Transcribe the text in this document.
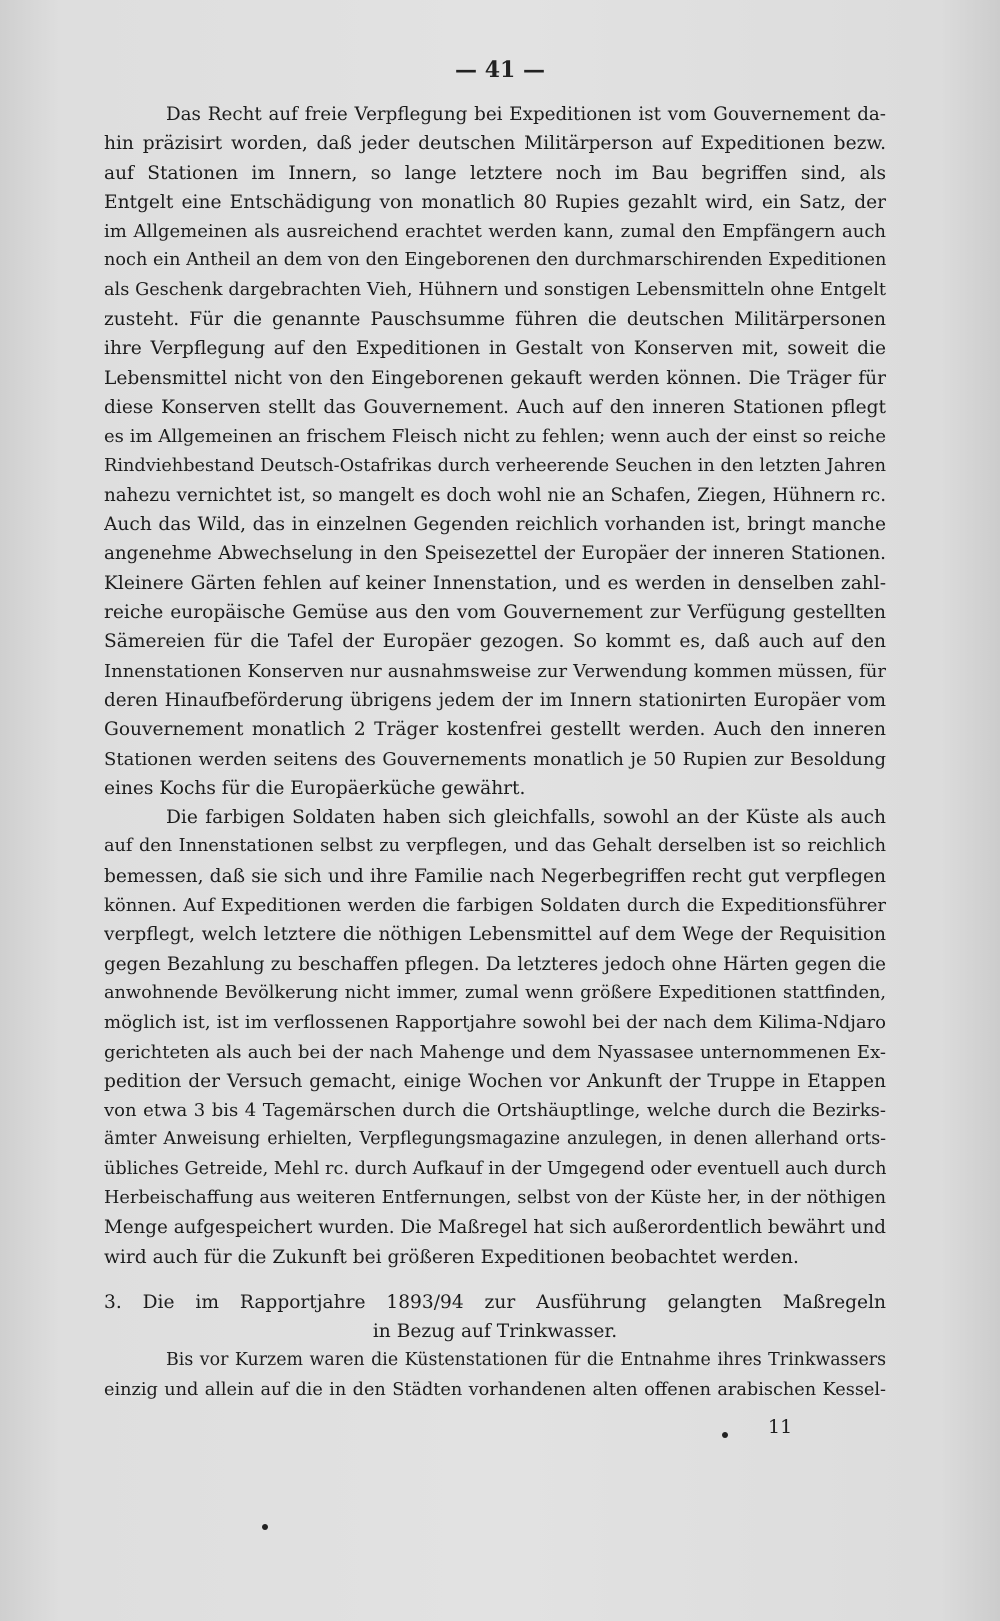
— 41 —
Das Recht auf freie Verpflegung bei Expeditionen ist vom Gouvernement da-
hin präzisirt worden, daß jeder deutschen Militärperson auf Expeditionen bezw.
auf Stationen im Innern, so lange letztere noch im Bau begriffen sind, als
Entgelt eine Entschädigung von monatlich 80 Rupies gezahlt wird, ein Satz, der
im Allgemeinen als ausreichend erachtet werden kann, zumal den Empfängern auch
noch ein Antheil an dem von den Eingeborenen den durchmarschirenden Expeditionen
als Geschenk dargebrachten Vieh, Hühnern und sonstigen Lebensmitteln ohne Entgelt
zusteht. Für die genannte Pauschsumme führen die deutschen Militärpersonen
ihre Verpflegung auf den Expeditionen in Gestalt von Konserven mit, soweit die
Lebensmittel nicht von den Eingeborenen gekauft werden können. Die Träger für
diese Konserven stellt das Gouvernement. Auch auf den inneren Stationen pflegt
es im Allgemeinen an frischem Fleisch nicht zu fehlen; wenn auch der einst so reiche
Rindviehbestand Deutsch-Ostafrikas durch verheerende Seuchen in den letzten Jahren
nahezu vernichtet ist, so mangelt es doch wohl nie an Schafen, Ziegen, Hühnern rc.
Auch das Wild, das in einzelnen Gegenden reichlich vorhanden ist, bringt manche
angenehme Abwechselung in den Speisezettel der Europäer der inneren Stationen.
Kleinere Gärten fehlen auf keiner Innenstation, und es werden in denselben zahl-
reiche europäische Gemüse aus den vom Gouvernement zur Verfügung gestellten
Sämereien für die Tafel der Europäer gezogen. So kommt es, daß auch auf den
Innenstationen Konserven nur ausnahmsweise zur Verwendung kommen müssen, für
deren Hinaufbeförderung übrigens jedem der im Innern stationirten Europäer vom
Gouvernement monatlich 2 Träger kostenfrei gestellt werden. Auch den inneren
Stationen werden seitens des Gouvernements monatlich je 50 Rupien zur Besoldung
eines Kochs für die Europäerküche gewährt.
Die farbigen Soldaten haben sich gleichfalls, sowohl an der Küste als auch
auf den Innenstationen selbst zu verpflegen, und das Gehalt derselben ist so reichlich
bemessen, daß sie sich und ihre Familie nach Negerbegriffen recht gut verpflegen
können. Auf Expeditionen werden die farbigen Soldaten durch die Expeditionsführer
verpflegt, welch letztere die nöthigen Lebensmittel auf dem Wege der Requisition
gegen Bezahlung zu beschaffen pflegen. Da letzteres jedoch ohne Härten gegen die
anwohnende Bevölkerung nicht immer, zumal wenn größere Expeditionen stattfinden,
möglich ist, ist im verflossenen Rapportjahre sowohl bei der nach dem Kilima-Ndjaro
gerichteten als auch bei der nach Mahenge und dem Nyassasee unternommenen Ex-
pedition der Versuch gemacht, einige Wochen vor Ankunft der Truppe in Etappen
von etwa 3 bis 4 Tagemärschen durch die Ortshäuptlinge, welche durch die Bezirks-
ämter Anweisung erhielten, Verpflegungsmagazine anzulegen, in denen allerhand orts-
übliches Getreide, Mehl rc. durch Aufkauf in der Umgegend oder eventuell auch durch
Herbeischaffung aus weiteren Entfernungen, selbst von der Küste her, in der nöthigen
Menge aufgespeichert wurden. Die Maßregel hat sich außerordentlich bewährt und
wird auch für die Zukunft bei größeren Expeditionen beobachtet werden.
3. Die im Rapportjahre 1893/94 zur Ausführung gelangten Maßregeln
in Bezug auf Trinkwasser.
Bis vor Kurzem waren die Küstenstationen für die Entnahme ihres Trinkwassers
einzig und allein auf die in den Städten vorhandenen alten offenen arabischen Kessel-
11
